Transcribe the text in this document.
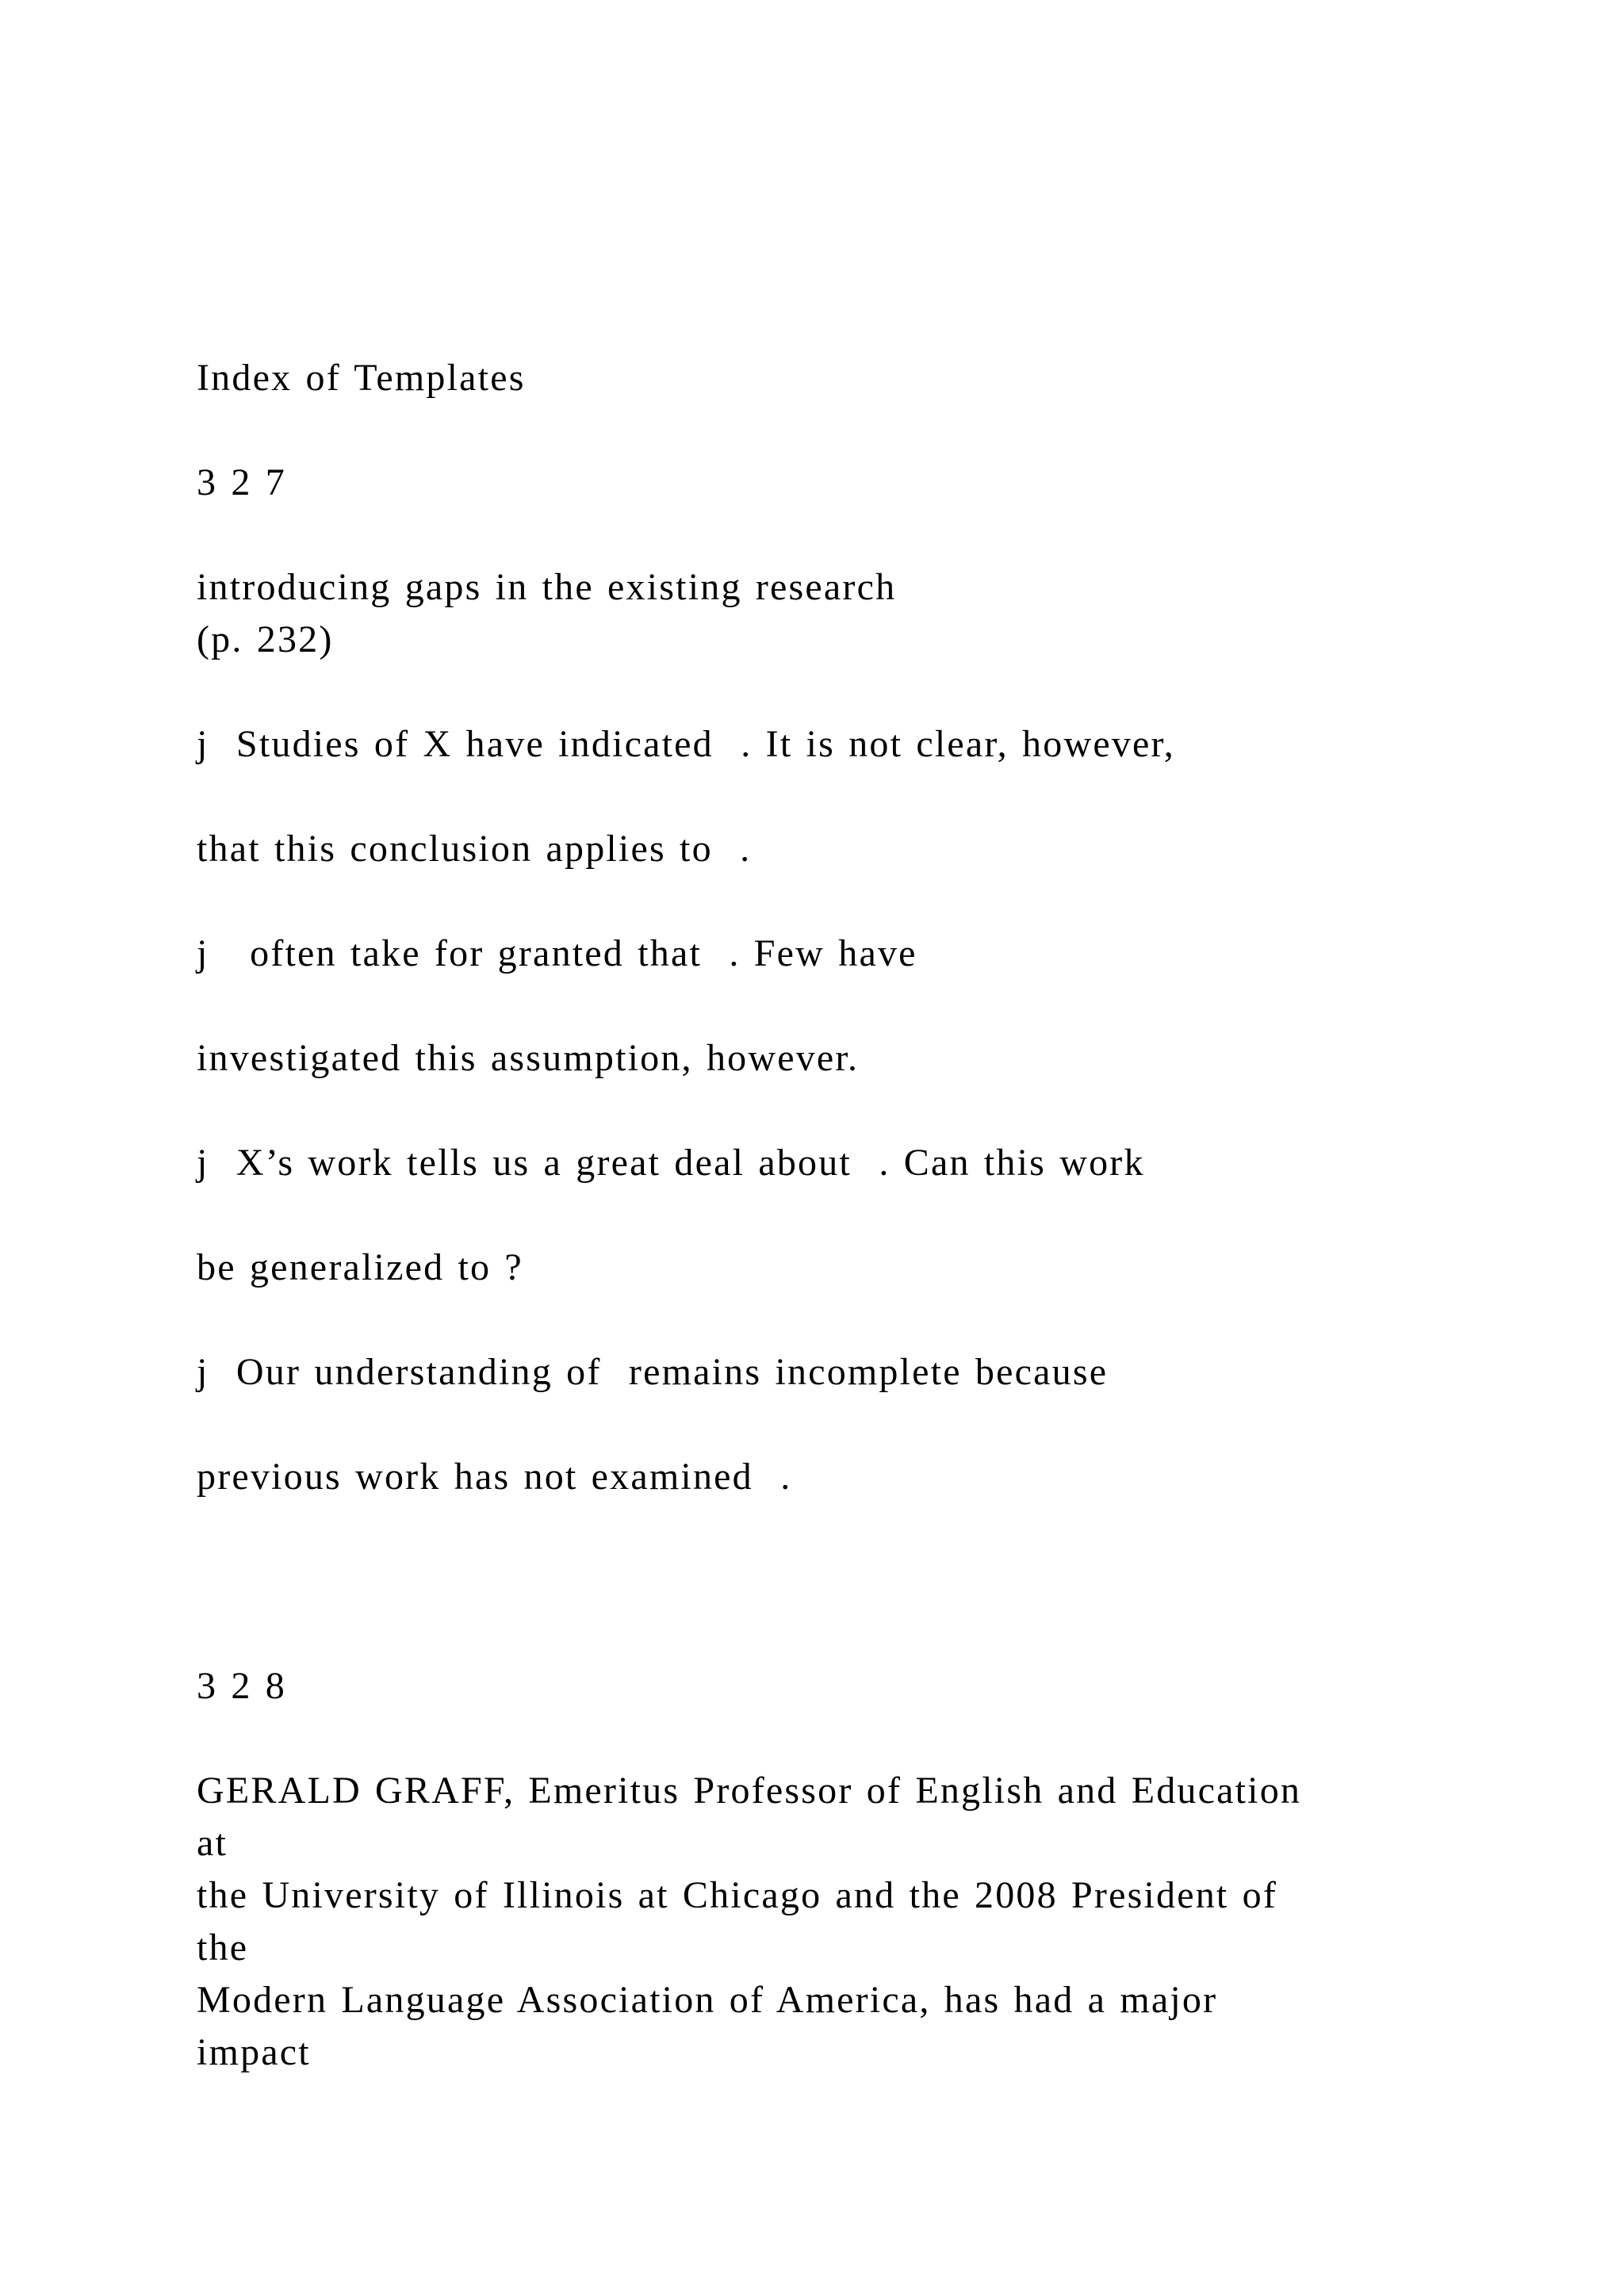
Index of Templates

3 2 7

introducing gaps in the existing research

(p. 232)

j  Studies of X have indicated  . It is not clear, however,

that this conclusion applies to  .

j   often take for granted that  . Few have

investigated this assumption, however.

j  X’s work tells us a great deal about  . Can this work

be generalized to ?

j  Our understanding of  remains incomplete because

previous work has not examined  .

3 2 8

GERALD GRAFF, Emeritus Professor of English and Education

at

the University of Illinois at Chicago and the 2008 President of

the

Modern Language Association of America, has had a major

impact
